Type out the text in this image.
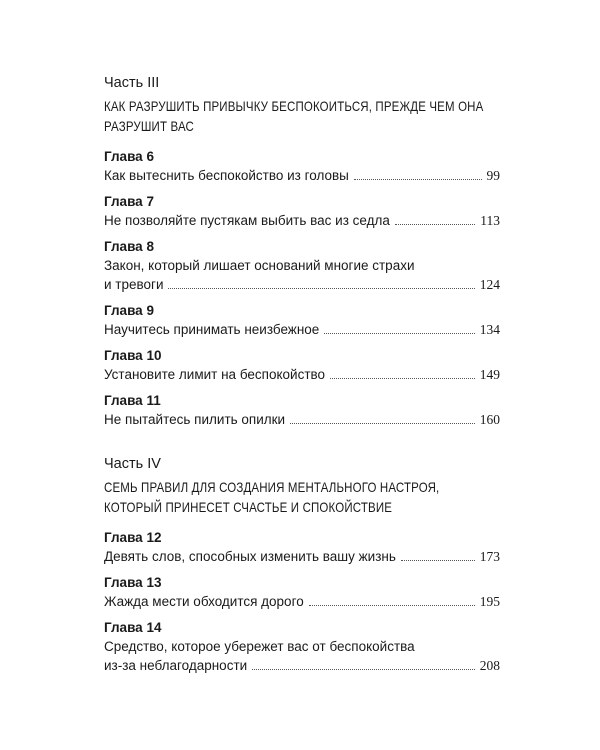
Часть III
КАК РАЗРУШИТЬ ПРИВЫЧКУ БЕСПОКОИТЬСЯ, ПРЕЖДЕ ЧЕМ ОНА РАЗРУШИТ ВАС
Глава 6
Как вытеснить беспокойство из головы	99
Глава 7
Не позволяйте пустякам выбить вас из седла	113
Глава 8
Закон, который лишает оснований многие страхи
и тревоги	124
Глава 9
Научитесь принимать неизбежное	134
Глава 10
Установите лимит на беспокойство	149
Глава 11
Не пытайтесь пилить опилки	160
Часть IV
СЕМЬ ПРАВИЛ ДЛЯ СОЗДАНИЯ МЕНТАЛЬНОГО НАСТРОЯ,
КОТОРЫЙ ПРИНЕСЕТ СЧАСТЬЕ И СПОКОЙСТВИЕ
Глава 12
Девять слов, способных изменить вашу жизнь	173
Глава 13
Жажда мести обходится дорого	195
Глава 14
Средство, которое убережет вас от беспокойства
из-за неблагодарности	208
